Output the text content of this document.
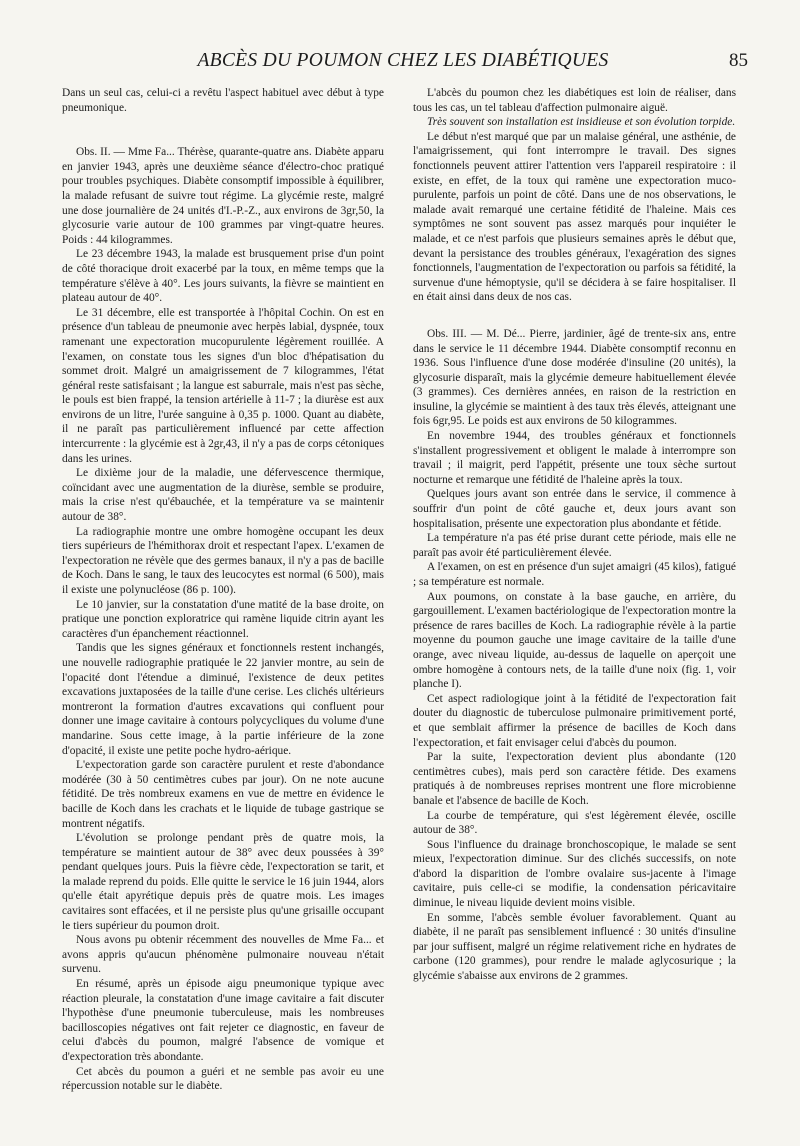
ABCÈS DU POUMON CHEZ LES DIABÉTIQUES	85

Dans un seul cas, celui-ci a revêtu l'aspect habituel avec début à type pneumonique.

Obs. II. — Mme Fa... Thérèse, quarante-quatre ans. Diabète apparu en janvier 1943, après une deuxième séance d'électro-choc pratiqué pour troubles psychiques. Diabète consomptif impossible à équilibrer, la malade refusant de suivre tout régime. La glycémie reste, malgré une dose journalière de 24 unités d'I.-P.-Z., aux environs de 3gr,50, la glycosurie varie autour de 100 grammes par vingt-quatre heures. Poids : 44 kilogrammes.

Le 23 décembre 1943, la malade est brusquement prise d'un point de côté thoracique droit exacerbé par la toux, en même temps que la température s'élève à 40°. Les jours suivants, la fièvre se maintient en plateau autour de 40°.

Le 31 décembre, elle est transportée à l'hôpital Cochin. On est en présence d'un tableau de pneumonie avec herpès labial, dyspnée, toux ramenant une expectoration mucopurulente légèrement rouillée. A l'examen, on constate tous les signes d'un bloc d'hépatisation du sommet droit. Malgré un amaigrissement de 7 kilogrammes, l'état général reste satisfaisant ; la langue est saburrale, mais n'est pas sèche, le pouls est bien frappé, la tension artérielle à 11-7 ; la diurèse est aux environs de un litre, l'urée sanguine à 0,35 p. 1000. Quant au diabète, il ne paraît pas particulièrement influencé par cette affection intercurrente : la glycémie est à 2gr,43, il n'y a pas de corps cétoniques dans les urines.

Le dixième jour de la maladie, une défervescence thermique, coïncidant avec une augmentation de la diurèse, semble se produire, mais la crise n'est qu'ébauchée, et la température va se maintenir autour de 38°.

La radiographie montre une ombre homogène occupant les deux tiers supérieurs de l'hémithorax droit et respectant l'apex. L'examen de l'expectoration ne révèle que des germes banaux, il n'y a pas de bacille de Koch. Dans le sang, le taux des leucocytes est normal (6 500), mais il existe une polynucléose (86 p. 100).

Le 10 janvier, sur la constatation d'une matité de la base droite, on pratique une ponction exploratrice qui ramène liquide citrin ayant les caractères d'un épanchement réactionnel.

Tandis que les signes généraux et fonctionnels restent inchangés, une nouvelle radiographie pratiquée le 22 janvier montre, au sein de l'opacité dont l'étendue a diminué, l'existence de deux petites excavations juxtaposées de la taille d'une cerise. Les clichés ultérieurs montreront la formation d'autres excavations qui confluent pour donner une image cavitaire à contours polycycliques du volume d'une mandarine. Sous cette image, à la partie inférieure de la zone d'opacité, il existe une petite poche hydro-aérique.

L'expectoration garde son caractère purulent et reste d'abondance modérée (30 à 50 centimètres cubes par jour). On ne note aucune fétidité. De très nombreux examens en vue de mettre en évidence le bacille de Koch dans les crachats et le liquide de tubage gastrique se montrent négatifs.

L'évolution se prolonge pendant près de quatre mois, la température se maintient autour de 38° avec deux poussées à 39° pendant quelques jours. Puis la fièvre cède, l'expectoration se tarit, et la malade reprend du poids. Elle quitte le service le 16 juin 1944, alors qu'elle était apyrétique depuis près de quatre mois. Les images cavitaires sont effacées, et il ne persiste plus qu'une grisaille occupant le tiers supérieur du poumon droit.

Nous avons pu obtenir récemment des nouvelles de Mme Fa... et avons appris qu'aucun phénomène pulmonaire nouveau n'était survenu.

En résumé, après un épisode aigu pneumonique typique avec réaction pleurale, la constatation d'une image cavitaire a fait discuter l'hypothèse d'une pneumonie tuberculeuse, mais les nombreuses bacilloscopies négatives ont fait rejeter ce diagnostic, en faveur de celui d'abcès du poumon, malgré l'absence de vomique et d'expectoration très abondante.

Cet abcès du poumon a guéri et ne semble pas avoir eu une répercussion notable sur le diabète.

L'abcès du poumon chez les diabétiques est loin de réaliser, dans tous les cas, un tel tableau d'affection pulmonaire aiguë.

Très souvent son installation est insidieuse et son évolution torpide.

Le début n'est marqué que par un malaise général, une asthénie, de l'amaigrissement, qui font interrompre le travail. Des signes fonctionnels peuvent attirer l'attention vers l'appareil respiratoire : il existe, en effet, de la toux qui ramène une expectoration muco-purulente, parfois un point de côté. Dans une de nos observations, le malade avait remarqué une certaine fétidité de l'haleine. Mais ces symptômes ne sont souvent pas assez marqués pour inquiéter le malade, et ce n'est parfois que plusieurs semaines après le début que, devant la persistance des troubles généraux, l'exagération des signes fonctionnels, l'augmentation de l'expectoration ou parfois sa fétidité, la survenue d'une hémoptysie, qu'il se décidera à se faire hospitaliser. Il en était ainsi dans deux de nos cas.

Obs. III. — M. Dé... Pierre, jardinier, âgé de trente-six ans, entre dans le service le 11 décembre 1944. Diabète consomptif reconnu en 1936. Sous l'influence d'une dose modérée d'insuline (20 unités), la glycosurie disparaît, mais la glycémie demeure habituellement élevée (3 grammes). Ces dernières années, en raison de la restriction en insuline, la glycémie se maintient à des taux très élevés, atteignant une fois 6gr,95. Le poids est aux environs de 50 kilogrammes.

En novembre 1944, des troubles généraux et fonctionnels s'installent progressivement et obligent le malade à interrompre son travail ; il maigrit, perd l'appétit, présente une toux sèche surtout nocturne et remarque une fétidité de l'haleine après la toux.

Quelques jours avant son entrée dans le service, il commence à souffrir d'un point de côté gauche et, deux jours avant son hospitalisation, présente une expectoration plus abondante et fétide.

La température n'a pas été prise durant cette période, mais elle ne paraît pas avoir été particulièrement élevée.

A l'examen, on est en présence d'un sujet amaigri (45 kilos), fatigué ; sa température est normale.

Aux poumons, on constate à la base gauche, en arrière, du gargouillement. L'examen bactériologique de l'expectoration montre la présence de rares bacilles de Koch. La radiographie révèle à la partie moyenne du poumon gauche une image cavitaire de la taille d'une orange, avec niveau liquide, au-dessus de laquelle on aperçoit une ombre homogène à contours nets, de la taille d'une noix (fig. 1, voir planche I).

Cet aspect radiologique joint à la fétidité de l'expectoration fait douter du diagnostic de tuberculose pulmonaire primitivement porté, et que semblait affirmer la présence de bacilles de Koch dans l'expectoration, et fait envisager celui d'abcès du poumon.

Par la suite, l'expectoration devient plus abondante (120 centimètres cubes), mais perd son caractère fétide. Des examens pratiqués à de nombreuses reprises montrent une flore microbienne banale et l'absence de bacille de Koch.

La courbe de température, qui s'est légèrement élevée, oscille autour de 38°.

Sous l'influence du drainage bronchoscopique, le malade se sent mieux, l'expectoration diminue. Sur des clichés successifs, on note d'abord la disparition de l'ombre ovalaire sus-jacente à l'image cavitaire, puis celle-ci se modifie, la condensation péricavitaire diminue, le niveau liquide devient moins visible.

En somme, l'abcès semble évoluer favorablement. Quant au diabète, il ne paraît pas sensiblement influencé : 30 unités d'insuline par jour suffisent, malgré un régime relativement riche en hydrates de carbone (120 grammes), pour rendre le malade aglycosurique ; la glycémie s'abaisse aux environs de 2 grammes.
